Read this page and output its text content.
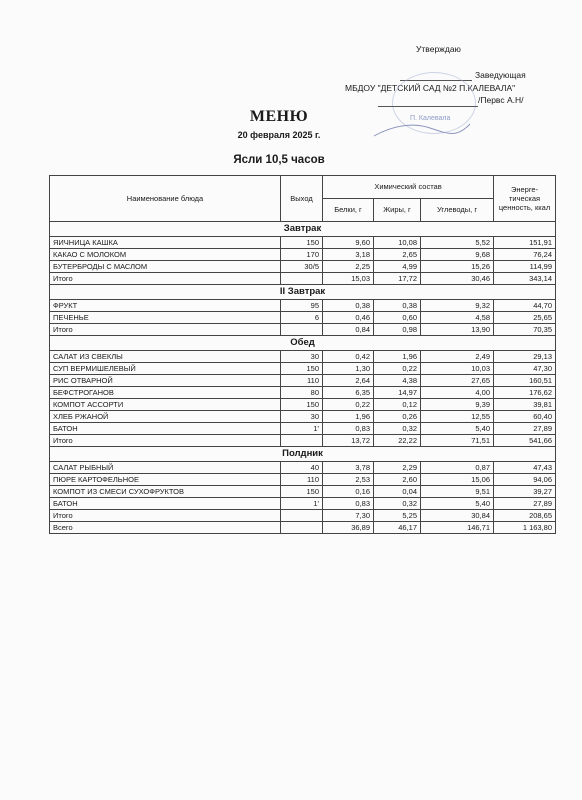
Утверждаю
Заведующая
МБДОУ "ДЕТСКИЙ САД №2 П.КАЛЕВАЛА"
П. Калевала
/Первс А.Н/
МЕНЮ
20 февраля 2025 г.
Ясли 10,5 часов
Наименование блюда	Выход	Химический состав			Энерге-тическая ценность, ккал
		Белки, г	Жиры, г	Углеводы, г	
Завтрак					
ЯИЧНИЦА КАШКА	150	9,60	10,08	5,52	151,91
КАКАО С МОЛОКОМ	170	3,18	2,65	9,68	76,24
БУТЕРБРОДЫ С МАСЛОМ	30/5	2,25	4,99	15,26	114,99
Итого		15,03	17,72	30,46	343,14
II Завтрак					
ФРУКТ	95	0,38	0,38	9,32	44,70
ПЕЧЕНЬЕ	6	0,46	0,60	4,58	25,65
Итого		0,84	0,98	13,90	70,35
Обед					
САЛАТ ИЗ СВЕКЛЫ	30	0,42	1,96	2,49	29,13
СУП ВЕРМИШЕЛЕВЫЙ	150	1,30	0,22	10,03	47,30
РИС ОТВАРНОЙ	110	2,64	4,38	27,65	160,51
БЕФСТРОГАНОВ	80	6,35	14,97	4,00	176,62
КОМПОТ АССОРТИ	150	0,22	0,12	9,39	39,81
ХЛЕБ РЖАНОЙ	30	1,96	0,26	12,55	60,40
БАТОН	1'	0,83	0,32	5,40	27,89
Итого		13,72	22,22	71,51	541,66
Полдник					
САЛАТ РЫБНЫЙ	40	3,78	2,29	0,87	47,43
ПЮРЕ КАРТОФЕЛЬНОЕ	110	2,53	2,60	15,06	94,06
КОМПОТ ИЗ СМЕСИ СУХОФРУКТОВ	150	0,16	0,04	9,51	39,27
БАТОН	1'	0,83	0,32	5,40	27,89
Итого		7,30	5,25	30,84	208,65
Всего		36,89	46,17	146,71	1 163,80
